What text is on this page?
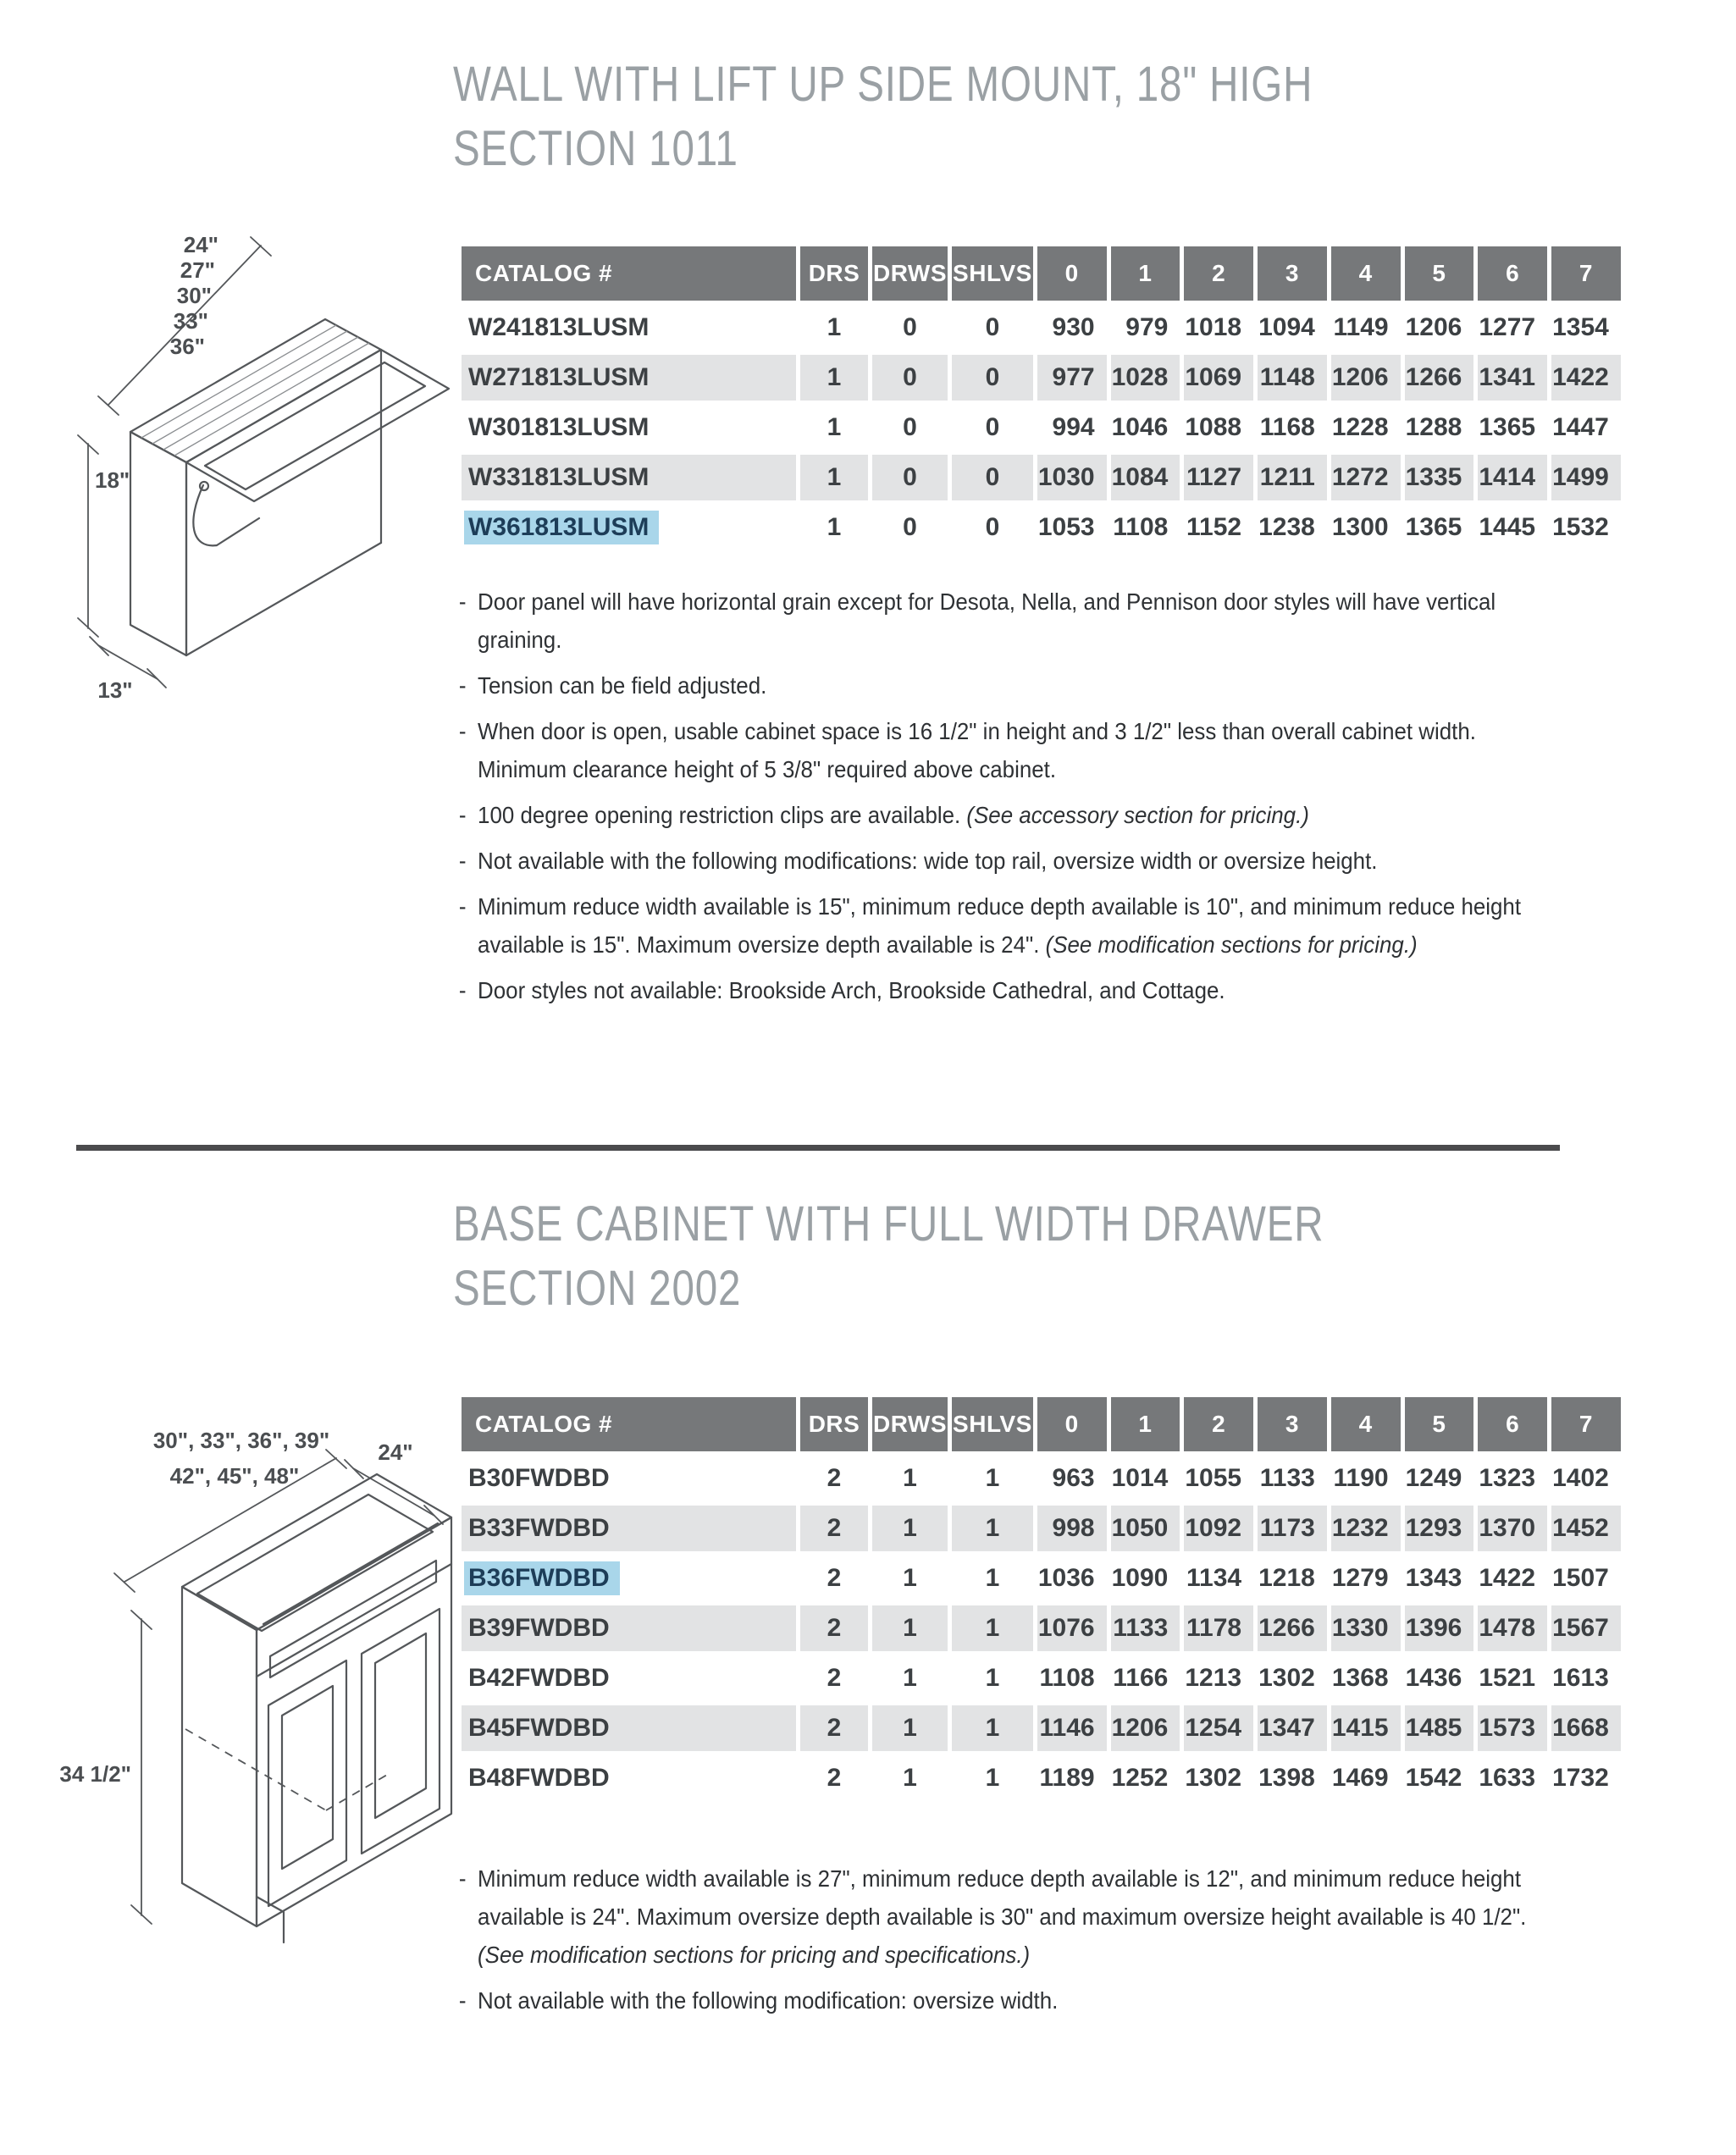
WALL WITH LIFT UP SIDE MOUNT, 18" HIGH
SECTION 1011
24"
27"
30"
33"
36"
18"
13"
CATALOG #	DRS	DRWS	SHLVS	0	1	2	3	4	5	6	7
W241813LUSM	1	0	0	930	979	1018	1094	1149	1206	1277	1354
W271813LUSM	1	0	0	977	1028	1069	1148	1206	1266	1341	1422
W301813LUSM	1	0	0	994	1046	1088	1168	1228	1288	1365	1447
W331813LUSM	1	0	0	1030	1084	1127	1211	1272	1335	1414	1499
W361813LUSM	1	0	0	1053	1108	1152	1238	1300	1365	1445	1532
- Door panel will have horizontal grain except for Desota, Nella, and Pennison door styles will have vertical graining.
- Tension can be field adjusted.
- When door is open, usable cabinet space is 16 1/2" in height and 3 1/2" less than overall cabinet width. Minimum clearance height of 5 3/8" required above cabinet.
- 100 degree opening restriction clips are available. (See accessory section for pricing.)
- Not available with the following modifications: wide top rail, oversize width or oversize height.
- Minimum reduce width available is 15", minimum reduce depth available is 10", and minimum reduce height available is 15". Maximum oversize depth available is 24". (See modification sections for pricing.)
- Door styles not available: Brookside Arch, Brookside Cathedral, and Cottage.
BASE CABINET WITH FULL WIDTH DRAWER
SECTION 2002
30", 33", 36", 39"
42", 45", 48"
24"
34 1/2"
CATALOG #	DRS	DRWS	SHLVS	0	1	2	3	4	5	6	7
B30FWDBD	2	1	1	963	1014	1055	1133	1190	1249	1323	1402
B33FWDBD	2	1	1	998	1050	1092	1173	1232	1293	1370	1452
B36FWDBD	2	1	1	1036	1090	1134	1218	1279	1343	1422	1507
B39FWDBD	2	1	1	1076	1133	1178	1266	1330	1396	1478	1567
B42FWDBD	2	1	1	1108	1166	1213	1302	1368	1436	1521	1613
B45FWDBD	2	1	1	1146	1206	1254	1347	1415	1485	1573	1668
B48FWDBD	2	1	1	1189	1252	1302	1398	1469	1542	1633	1732
- Minimum reduce width available is 27", minimum reduce depth available is 12", and minimum reduce height available is 24". Maximum oversize depth available is 30" and maximum oversize height available is 40 1/2". (See modification sections for pricing and specifications.)
- Not available with the following modification: oversize width.
